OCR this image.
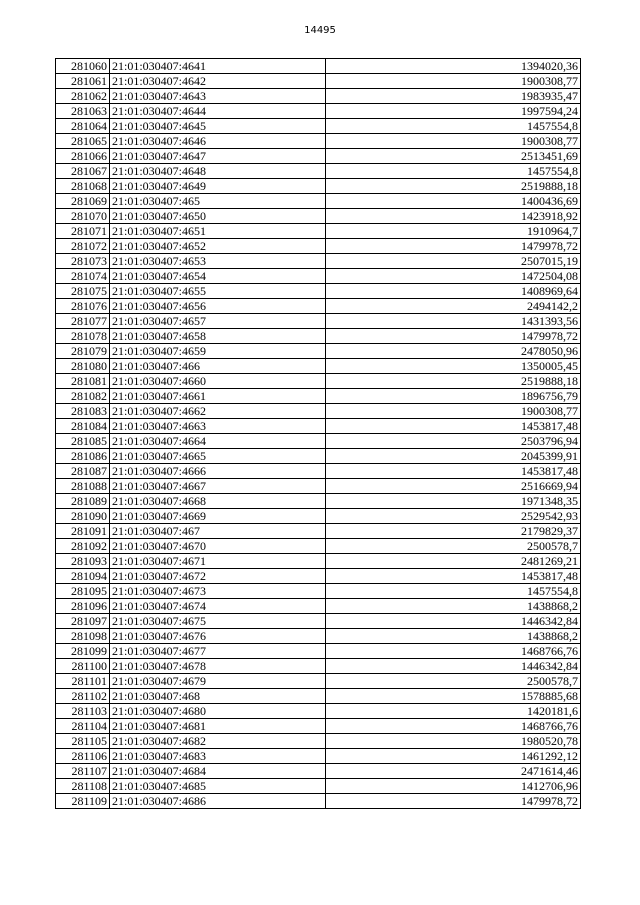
14495
281060	21:01:030407:4641	1394020,36
281061	21:01:030407:4642	1900308,77
281062	21:01:030407:4643	1983935,47
281063	21:01:030407:4644	1997594,24
281064	21:01:030407:4645	1457554,8
281065	21:01:030407:4646	1900308,77
281066	21:01:030407:4647	2513451,69
281067	21:01:030407:4648	1457554,8
281068	21:01:030407:4649	2519888,18
281069	21:01:030407:465	1400436,69
281070	21:01:030407:4650	1423918,92
281071	21:01:030407:4651	1910964,7
281072	21:01:030407:4652	1479978,72
281073	21:01:030407:4653	2507015,19
281074	21:01:030407:4654	1472504,08
281075	21:01:030407:4655	1408969,64
281076	21:01:030407:4656	2494142,2
281077	21:01:030407:4657	1431393,56
281078	21:01:030407:4658	1479978,72
281079	21:01:030407:4659	2478050,96
281080	21:01:030407:466	1350005,45
281081	21:01:030407:4660	2519888,18
281082	21:01:030407:4661	1896756,79
281083	21:01:030407:4662	1900308,77
281084	21:01:030407:4663	1453817,48
281085	21:01:030407:4664	2503796,94
281086	21:01:030407:4665	2045399,91
281087	21:01:030407:4666	1453817,48
281088	21:01:030407:4667	2516669,94
281089	21:01:030407:4668	1971348,35
281090	21:01:030407:4669	2529542,93
281091	21:01:030407:467	2179829,37
281092	21:01:030407:4670	2500578,7
281093	21:01:030407:4671	2481269,21
281094	21:01:030407:4672	1453817,48
281095	21:01:030407:4673	1457554,8
281096	21:01:030407:4674	1438868,2
281097	21:01:030407:4675	1446342,84
281098	21:01:030407:4676	1438868,2
281099	21:01:030407:4677	1468766,76
281100	21:01:030407:4678	1446342,84
281101	21:01:030407:4679	2500578,7
281102	21:01:030407:468	1578885,68
281103	21:01:030407:4680	1420181,6
281104	21:01:030407:4681	1468766,76
281105	21:01:030407:4682	1980520,78
281106	21:01:030407:4683	1461292,12
281107	21:01:030407:4684	2471614,46
281108	21:01:030407:4685	1412706,96
281109	21:01:030407:4686	1479978,72
